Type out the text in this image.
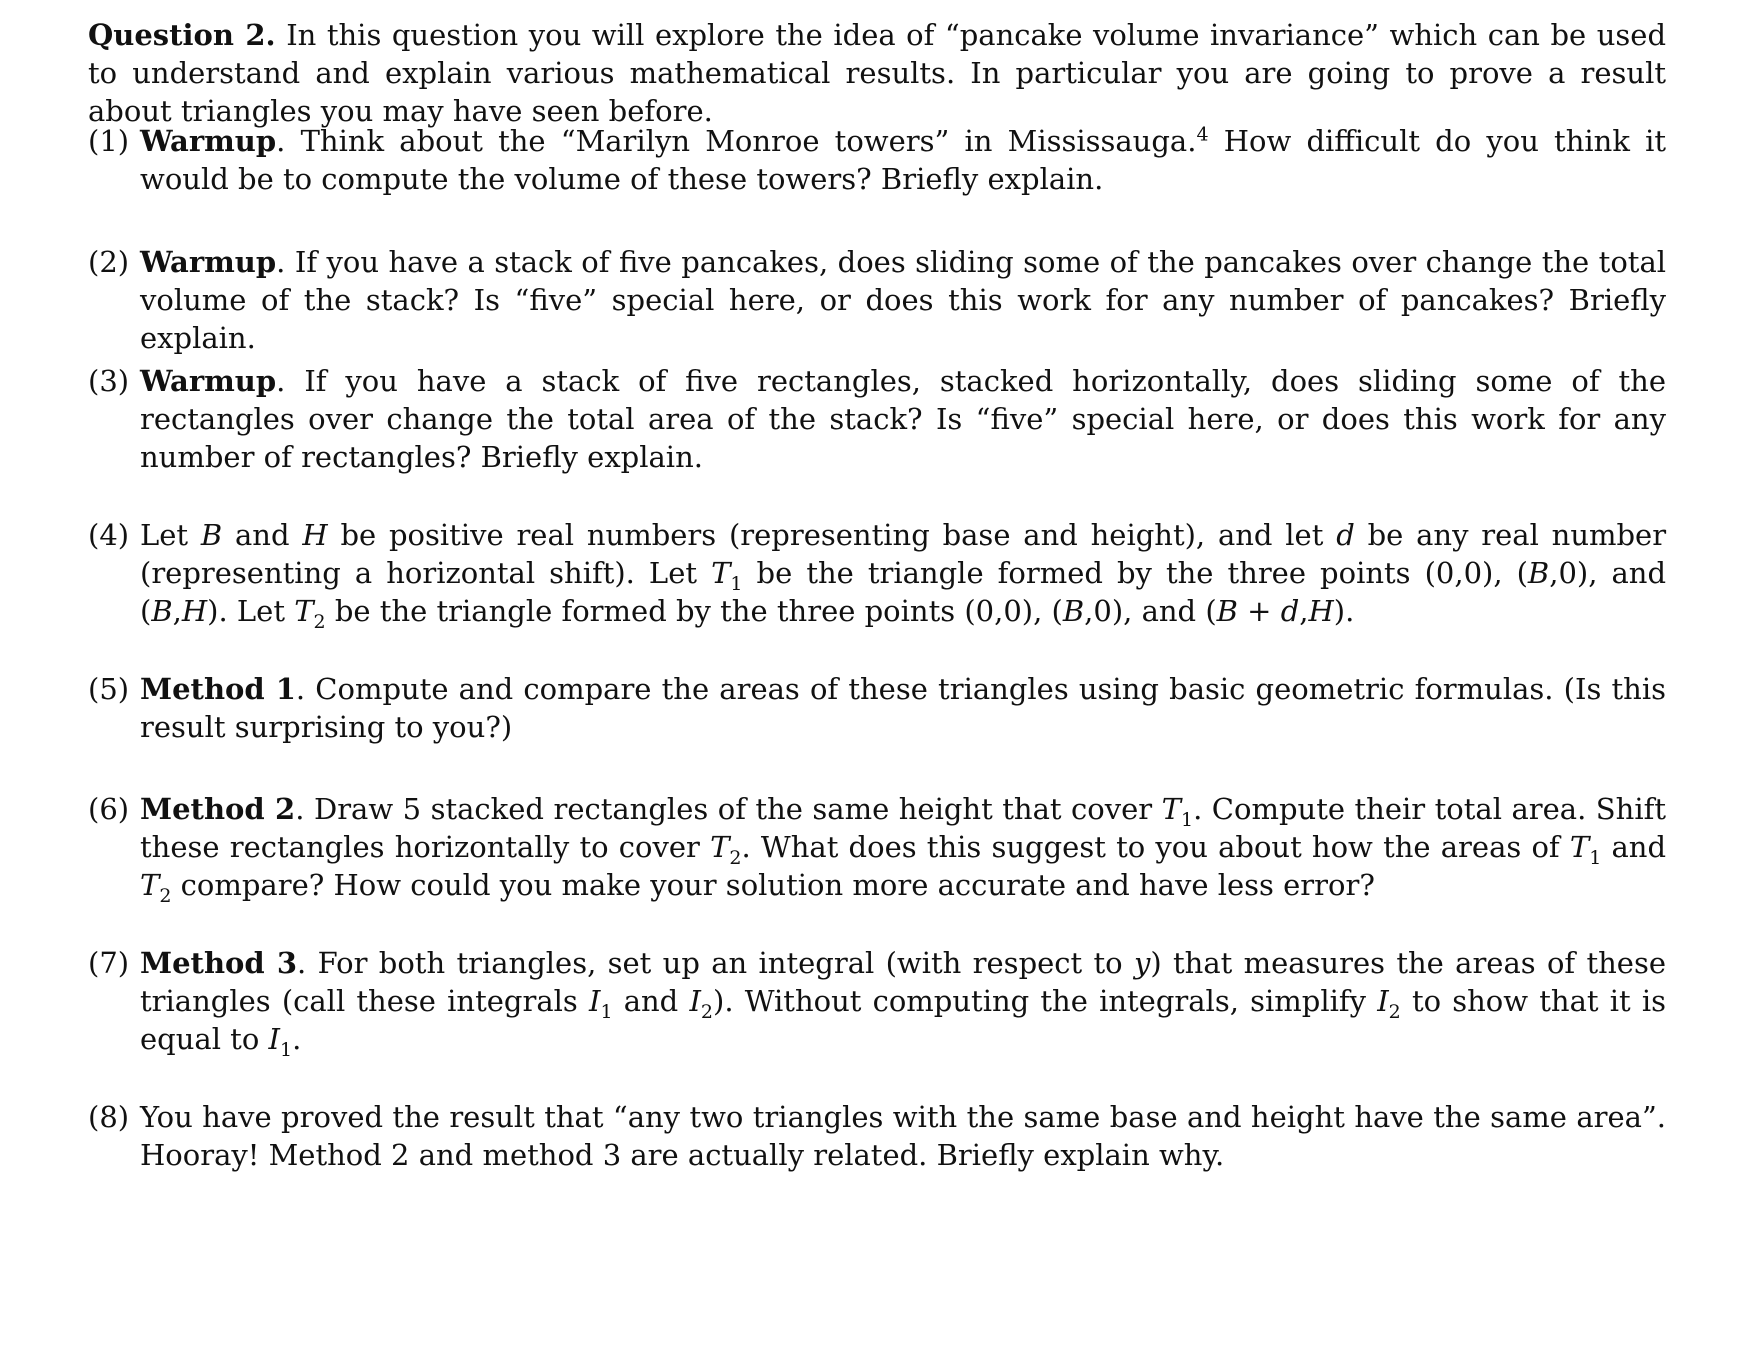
Question 2. In this question you will explore the idea of “pancake volume invariance” which can be used to understand and explain various mathematical results. In particular you are going to prove a result about triangles you may have seen before.

(1) Warmup. Think about the “Marilyn Monroe towers” in Mississauga.$^4$ How difficult do you think it would be to compute the volume of these towers? Briefly explain.

(2) Warmup. If you have a stack of five pancakes, does sliding some of the pancakes over change the total volume of the stack? Is “five” special here, or does this work for any number of pancakes? Briefly explain.

(3) Warmup. If you have a stack of five rectangles, stacked horizontally, does sliding some of the rectangles over change the total area of the stack? Is “five” special here, or does this work for any number of rectangles? Briefly explain.

(4) Let B and H be positive real numbers (representing base and height), and let d be any real number (representing a horizontal shift). Let $T_1$ be the triangle formed by the three points (0,0), (B,0), and (B,H). Let $T_2$ be the triangle formed by the three points (0,0), (B,0), and (B + d,H).

(5) Method 1. Compute and compare the areas of these triangles using basic geometric formulas. (Is this result surprising to you?)

(6) Method 2. Draw 5 stacked rectangles of the same height that cover $T_1$. Compute their total area. Shift these rectangles horizontally to cover $T_2$. What does this suggest to you about how the areas of $T_1$ and $T_2$ compare? How could you make your solution more accurate and have less error?

(7) Method 3. For both triangles, set up an integral (with respect to y) that measures the areas of these triangles (call these integrals $I_1$ and $I_2$). Without computing the integrals, simplify $I_2$ to show that it is equal to $I_1$.

(8) You have proved the result that “any two triangles with the same base and height have the same area”. Hooray! Method 2 and method 3 are actually related. Briefly explain why.
